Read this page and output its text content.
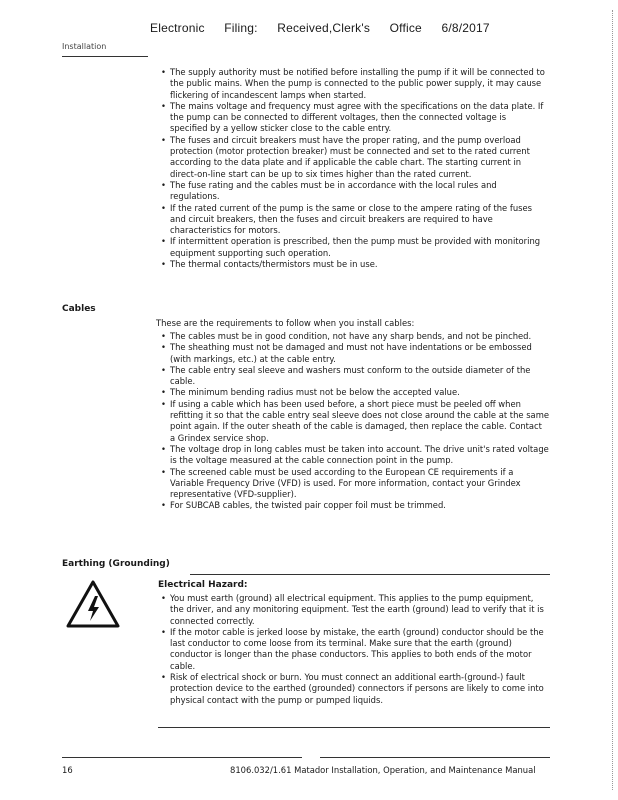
Electronic Filing: Received,Clerk's Office 6/8/2017
Installation
• The supply authority must be notified before installing the pump if it will be connected to the public mains. When the pump is connected to the public power supply, it may cause flickering of incandescent lamps when started.
• The mains voltage and frequency must agree with the specifications on the data plate. If the pump can be connected to different voltages, then the connected voltage is specified by a yellow sticker close to the cable entry.
• The fuses and circuit breakers must have the proper rating, and the pump overload protection (motor protection breaker) must be connected and set to the rated current according to the data plate and if applicable the cable chart. The starting current in direct-on-line start can be up to six times higher than the rated current.
• The fuse rating and the cables must be in accordance with the local rules and regulations.
• If the rated current of the pump is the same or close to the ampere rating of the fuses and circuit breakers, then the fuses and circuit breakers are required to have characteristics for motors.
• If intermittent operation is prescribed, then the pump must be provided with monitoring equipment supporting such operation.
• The thermal contacts/thermistors must be in use.
Cables
These are the requirements to follow when you install cables:
• The cables must be in good condition, not have any sharp bends, and not be pinched.
• The sheathing must not be damaged and must not have indentations or be embossed (with markings, etc.) at the cable entry.
• The cable entry seal sleeve and washers must conform to the outside diameter of the cable.
• The minimum bending radius must not be below the accepted value.
• If using a cable which has been used before, a short piece must be peeled off when refitting it so that the cable entry seal sleeve does not close around the cable at the same point again. If the outer sheath of the cable is damaged, then replace the cable. Contact a Grindex service shop.
• The voltage drop in long cables must be taken into account. The drive unit's rated voltage is the voltage measured at the cable connection point in the pump.
• The screened cable must be used according to the European CE requirements if a Variable Frequency Drive (VFD) is used. For more information, contact your Grindex representative (VFD-supplier).
• For SUBCAB cables, the twisted pair copper foil must be trimmed.
Earthing (Grounding)
Electrical Hazard:
• You must earth (ground) all electrical equipment. This applies to the pump equipment, the driver, and any monitoring equipment. Test the earth (ground) lead to verify that it is connected correctly.
• If the motor cable is jerked loose by mistake, the earth (ground) conductor should be the last conductor to come loose from its terminal. Make sure that the earth (ground) conductor is longer than the phase conductors. This applies to both ends of the motor cable.
• Risk of electrical shock or burn. You must connect an additional earth-(ground-) fault protection device to the earthed (grounded) connectors if persons are likely to come into physical contact with the pump or pumped liquids.
16	8106.032/1.61 Matador Installation, Operation, and Maintenance Manual
